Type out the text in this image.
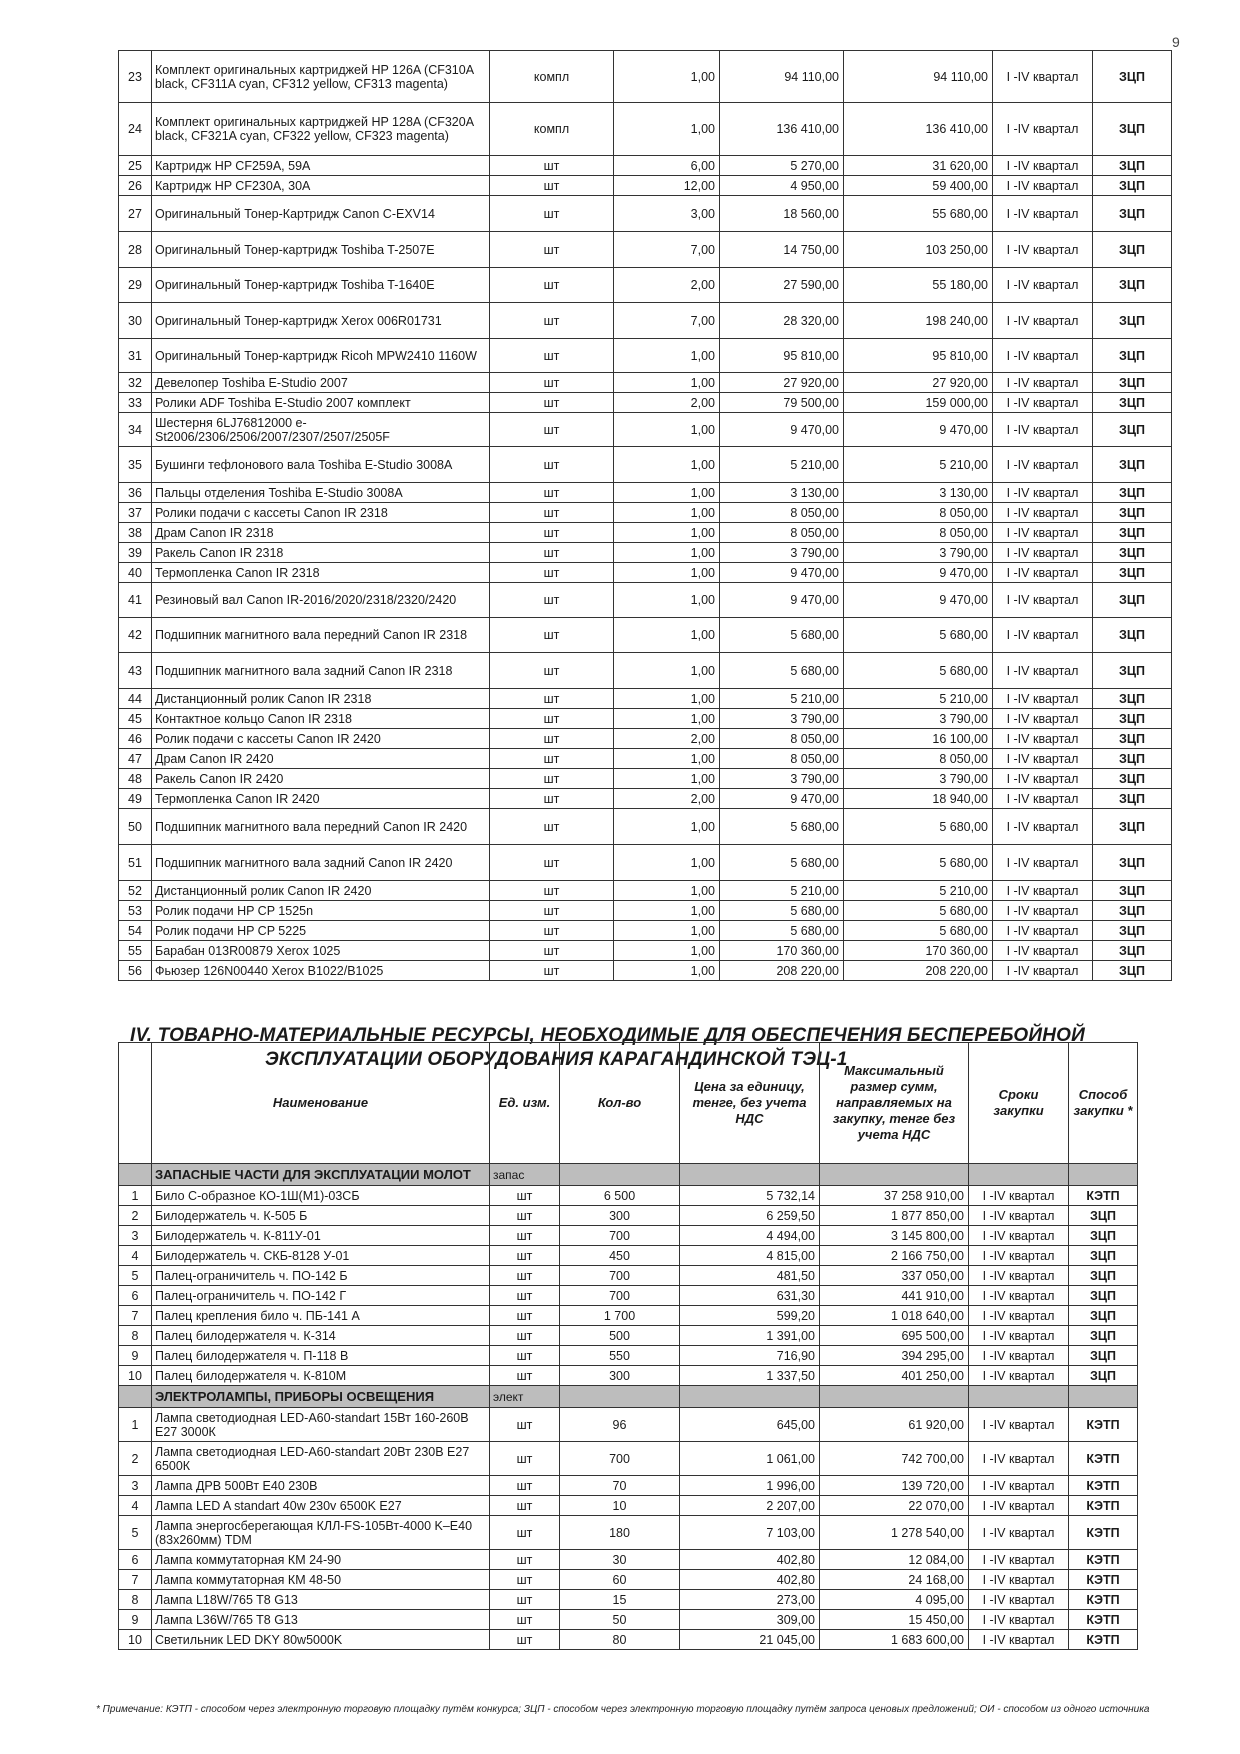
9
23	Комплект оригинальных картриджей HP 126A (CF310A black, CF311A cyan, CF312 yellow, CF313 magenta)	компл	1,00	94 110,00	94 110,00	I -IV квартал	ЗЦП
24	Комплект оригинальных картриджей HP 128A (CF320A black, CF321A cyan, CF322 yellow, CF323 magenta)	компл	1,00	136 410,00	136 410,00	I -IV квартал	ЗЦП
25	Картридж HP CF259A, 59A	шт	6,00	5 270,00	31 620,00	I -IV квартал	ЗЦП
26	Картридж HP CF230A, 30A	шт	12,00	4 950,00	59 400,00	I -IV квартал	ЗЦП
27	Оригинальный Тонер-Картридж Canon C-EXV14	шт	3,00	18 560,00	55 680,00	I -IV квартал	ЗЦП
28	Оригинальный Тонер-картридж Toshiba T-2507E	шт	7,00	14 750,00	103 250,00	I -IV квартал	ЗЦП
29	Оригинальный Тонер-картридж Toshiba T-1640E	шт	2,00	27 590,00	55 180,00	I -IV квартал	ЗЦП
30	Оригинальный Тонер-картридж Xerox 006R01731	шт	7,00	28 320,00	198 240,00	I -IV квартал	ЗЦП
31	Оригинальный Тонер-картридж Ricoh MPW2410 1160W	шт	1,00	95 810,00	95 810,00	I -IV квартал	ЗЦП
32	Девелопер Toshiba E-Studio 2007	шт	1,00	27 920,00	27 920,00	I -IV квартал	ЗЦП
33	Ролики ADF Toshiba E-Studio 2007 комплект	шт	2,00	79 500,00	159 000,00	I -IV квартал	ЗЦП
34	Шестерня 6LJ76812000 e-St2006/2306/2506/2007/2307/2507/2505F	шт	1,00	9 470,00	9 470,00	I -IV квартал	ЗЦП
35	Бушинги тефлонового вала Toshiba E-Studio 3008A	шт	1,00	5 210,00	5 210,00	I -IV квартал	ЗЦП
36	Пальцы отделения Toshiba E-Studio 3008A	шт	1,00	3 130,00	3 130,00	I -IV квартал	ЗЦП
37	Ролики подачи с кассеты Canon IR 2318	шт	1,00	8 050,00	8 050,00	I -IV квартал	ЗЦП
38	Драм Canon IR 2318	шт	1,00	8 050,00	8 050,00	I -IV квартал	ЗЦП
39	Ракель Canon IR 2318	шт	1,00	3 790,00	3 790,00	I -IV квартал	ЗЦП
40	Термопленка Canon IR 2318	шт	1,00	9 470,00	9 470,00	I -IV квартал	ЗЦП
41	Резиновый вал Canon IR-2016/2020/2318/2320/2420	шт	1,00	9 470,00	9 470,00	I -IV квартал	ЗЦП
42	Подшипник магнитного вала передний Canon IR 2318	шт	1,00	5 680,00	5 680,00	I -IV квартал	ЗЦП
43	Подшипник магнитного вала задний Canon IR 2318	шт	1,00	5 680,00	5 680,00	I -IV квартал	ЗЦП
44	Дистанционный ролик Canon IR 2318	шт	1,00	5 210,00	5 210,00	I -IV квартал	ЗЦП
45	Контактное кольцо Canon IR 2318	шт	1,00	3 790,00	3 790,00	I -IV квартал	ЗЦП
46	Ролик подачи с кассеты Canon IR 2420	шт	2,00	8 050,00	16 100,00	I -IV квартал	ЗЦП
47	Драм Canon IR 2420	шт	1,00	8 050,00	8 050,00	I -IV квартал	ЗЦП
48	Ракель Canon IR 2420	шт	1,00	3 790,00	3 790,00	I -IV квартал	ЗЦП
49	Термопленка Canon IR 2420	шт	2,00	9 470,00	18 940,00	I -IV квартал	ЗЦП
50	Подшипник магнитного вала передний Canon IR 2420	шт	1,00	5 680,00	5 680,00	I -IV квартал	ЗЦП
51	Подшипник магнитного вала задний Canon IR 2420	шт	1,00	5 680,00	5 680,00	I -IV квартал	ЗЦП
52	Дистанционный ролик Canon IR 2420	шт	1,00	5 210,00	5 210,00	I -IV квартал	ЗЦП
53	Ролик подачи HP CP 1525n	шт	1,00	5 680,00	5 680,00	I -IV квартал	ЗЦП
54	Ролик подачи HP CP 5225	шт	1,00	5 680,00	5 680,00	I -IV квартал	ЗЦП
55	Барабан 013R00879 Xerox 1025	шт	1,00	170 360,00	170 360,00	I -IV квартал	ЗЦП
56	Фьюзер 126N00440 Xerox B1022/B1025	шт	1,00	208 220,00	208 220,00	I -IV квартал	ЗЦП
IV. ТОВАРНО-МАТЕРИАЛЬНЫЕ РЕСУРСЫ, НЕОБХОДИМЫЕ ДЛЯ ОБЕСПЕЧЕНИЯ БЕСПЕРЕБОЙНОЙ
ЭКСПЛУАТАЦИИ ОБОРУДОВАНИЯ КАРАГАНДИНСКОЙ ТЭЦ-1
	Наименование	Ед. изм.	Кол-во	Цена за единицу, тенге, без учета НДС	Максимальный размер сумм, направляемых на закупку, тенге без учета НДС	Сроки закупки	Способ закупки *
	ЗАПАСНЫЕ ЧАСТИ ДЛЯ ЭКСПЛУАТАЦИИ МОЛОТ	запас					
1	Било С-образное КО-1Ш(М1)-03СБ	шт	6 500	5 732,14	37 258 910,00	I -IV квартал	КЭТП
2	Билодержатель ч. К-505 Б	шт	300	6 259,50	1 877 850,00	I -IV квартал	ЗЦП
3	Билодержатель ч. К-811У-01	шт	700	4 494,00	3 145 800,00	I -IV квартал	ЗЦП
4	Билодержатель ч. СКБ-8128 У-01	шт	450	4 815,00	2 166 750,00	I -IV квартал	ЗЦП
5	Палец-ограничитель ч. ПО-142 Б	шт	700	481,50	337 050,00	I -IV квартал	ЗЦП
6	Палец-ограничитель ч. ПО-142 Г	шт	700	631,30	441 910,00	I -IV квартал	ЗЦП
7	Палец крепления било ч. ПБ-141 А	шт	1 700	599,20	1 018 640,00	I -IV квартал	ЗЦП
8	Палец билодержателя ч. К-314	шт	500	1 391,00	695 500,00	I -IV квартал	ЗЦП
9	Палец билодержателя ч. П-118 В	шт	550	716,90	394 295,00	I -IV квартал	ЗЦП
10	Палец билодержателя ч. К-810М	шт	300	1 337,50	401 250,00	I -IV квартал	ЗЦП
	ЭЛЕКТРОЛАМПЫ, ПРИБОРЫ ОСВЕЩЕНИЯ	элект					
1	Лампа светодиодная LED-A60-standart 15Вт 160-260В E27 3000К	шт	96	645,00	61 920,00	I -IV квартал	КЭТП
2	Лампа светодиодная LED-A60-standart 20Вт 230В E27 6500К	шт	700	1 061,00	742 700,00	I -IV квартал	КЭТП
3	Лампа ДРВ 500Вт E40 230В	шт	70	1 996,00	139 720,00	I -IV квартал	КЭТП
4	Лампа LED A standart 40w 230v 6500K E27	шт	10	2 207,00	22 070,00	I -IV квартал	КЭТП
5	Лампа энергосберегающая КЛЛ-FS-105Вт-4000 K–E40 (83x260мм) TDM	шт	180	7 103,00	1 278 540,00	I -IV квартал	КЭТП
6	Лампа коммутаторная КМ 24-90	шт	30	402,80	12 084,00	I -IV квартал	КЭТП
7	Лампа коммутаторная КМ 48-50	шт	60	402,80	24 168,00	I -IV квартал	КЭТП
8	Лампа L18W/765 T8 G13	шт	15	273,00	4 095,00	I -IV квартал	КЭТП
9	Лампа L36W/765 T8 G13	шт	50	309,00	15 450,00	I -IV квартал	КЭТП
10	Светильник LED DKY 80w5000K	шт	80	21 045,00	1 683 600,00	I -IV квартал	КЭТП
* Примечание: КЭТП - способом через электронную торговую площадку путём конкурса; ЗЦП - способом через электронную торговую площадку путём запроса ценовых предложений; ОИ - способом из одного источника
